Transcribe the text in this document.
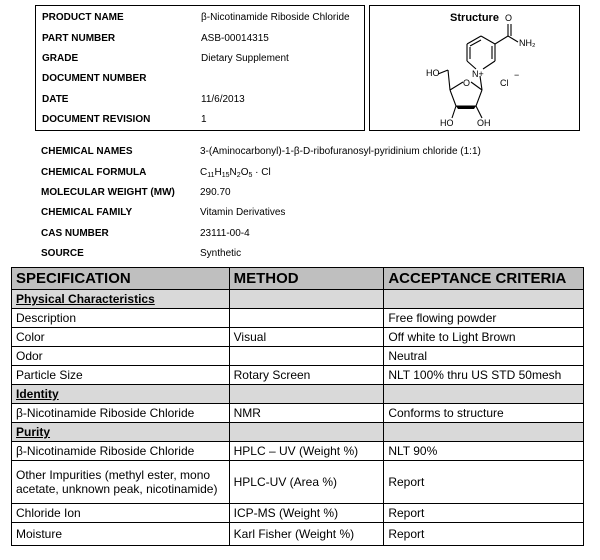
PRODUCT NAME	β-Nicotinamide Riboside Chloride
PART NUMBER	ASB-00014315
GRADE	Dietary Supplement
DOCUMENT NUMBER
DATE	11/6/2013
DOCUMENT REVISION	1
Structure O
NH₂
N+
Cl
−
O
HO
HO	OH
CHEMICAL NAMES	3-(Aminocarbonyl)-1-β-D-ribofuranosyl-pyridinium chloride (1:1)
CHEMICAL FORMULA	$C_{11}H_{15}N_2O_5 \cdot Cl$
MOLECULAR WEIGHT (MW)	290.70
CHEMICAL FAMILY	Vitamin Derivatives
CAS NUMBER	23111-00-4
SOURCE	Synthetic
SPECIFICATION	METHOD	ACCEPTANCE CRITERIA
Physical Characteristics		
Description		Free flowing powder
Color	Visual	Off white to Light Brown
Odor		Neutral
Particle Size	Rotary Screen	NLT 100% thru US STD 50mesh
Identity		
β-Nicotinamide Riboside Chloride	NMR	Conforms to structure
Purity		
β-Nicotinamide Riboside Chloride	HPLC – UV (Weight %)	NLT 90%
Other Impurities (methyl ester, mono acetate, unknown peak, nicotinamide)	HPLC-UV (Area %)	Report
Chloride Ion	ICP-MS (Weight %)	Report
Moisture	Karl Fisher (Weight %)	Report
